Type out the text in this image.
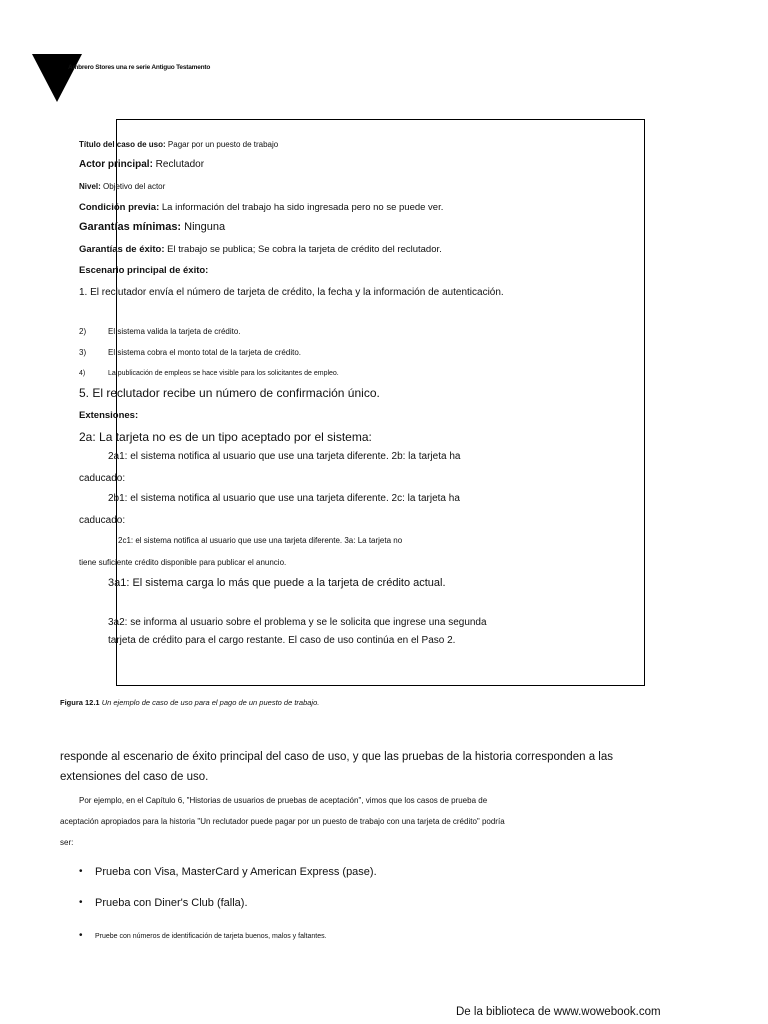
Ambrero Stores una re serie Antiguo Testamento
Título del caso de uso: Pagar por un puesto de trabajo
Actor principal: Reclutador
Nivel: Objetivo del actor
Condición previa: La información del trabajo ha sido ingresada pero no se puede ver.
Garantías mínimas: Ninguna
Garantías de éxito: El trabajo se publica; Se cobra la tarjeta de crédito del reclutador.
Escenario principal de éxito:
1. El reclutador envía el número de tarjeta de crédito, la fecha y la información de autenticación.
2)	El sistema valida la tarjeta de crédito.
3)	El sistema cobra el monto total de la tarjeta de crédito.
4)	La publicación de empleos se hace visible para los solicitantes de empleo.
5. El reclutador recibe un número de confirmación único.
Extensiones:
2a: La tarjeta no es de un tipo aceptado por el sistema:
2a1: el sistema notifica al usuario que use una tarjeta diferente. 2b: la tarjeta ha
caducado:
2b1: el sistema notifica al usuario que use una tarjeta diferente. 2c: la tarjeta ha
caducado:
2c1: el sistema notifica al usuario que use una tarjeta diferente. 3a: La tarjeta no
tiene suficiente crédito disponible para publicar el anuncio.
3a1: El sistema carga lo más que puede a la tarjeta de crédito actual.
3a2: se informa al usuario sobre el problema y se le solicita que ingrese una segunda
tarjeta de crédito para el cargo restante. El caso de uso continúa en el Paso 2.
Figura 12.1 Un ejemplo de caso de uso para el pago de un puesto de trabajo.
responde al escenario de éxito principal del caso de uso, y que las pruebas de la historia corresponden a las
extensiones del caso de uso.
Por ejemplo, en el Capítulo 6, "Historias de usuarios de pruebas de aceptación", vimos que los casos de prueba de
aceptación apropiados para la historia "Un reclutador puede pagar por un puesto de trabajo con una tarjeta de crédito" podría
ser:
• Prueba con Visa, MasterCard y American Express (pase).
• Prueba con Diner's Club (falla).
• Pruebe con números de identificación de tarjeta buenos, malos y faltantes.
De la biblioteca de www.wowebook.com
